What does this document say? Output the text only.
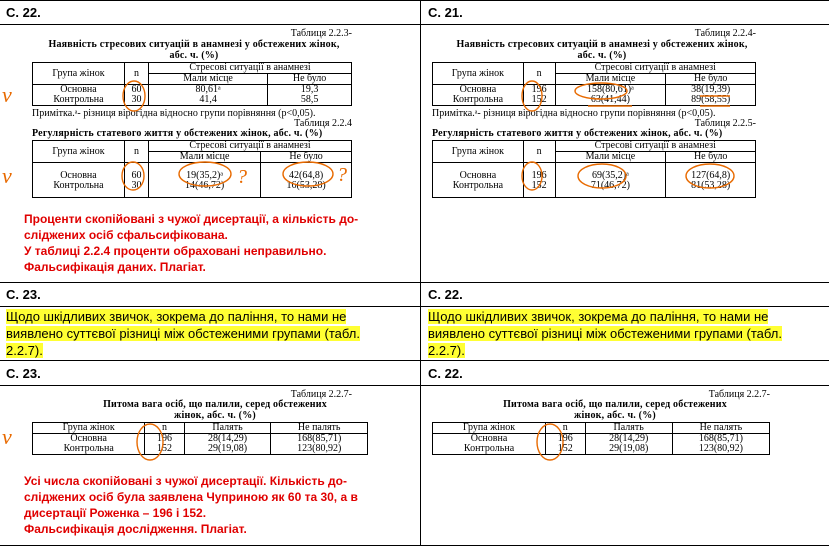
С. 22.	С. 21.
С. 23.	С. 22.
С. 23.	С. 22.
Таблиця 2.2.3-
Наявність стресових ситуацій в анамнезі у обстежених жінок, абс. ч. (%)
Група жінок	n	Стресові ситуації в анамнезі	
		Мали місце	Не було
Основна	60	80,61ᵃ	19,3
Контрольна	30	41,4	58,5
Примітка.ᵃ- різниця вірогідна відносно групи порівняння (р<0,05).
Таблиця 2.2.4
Регулярність статевого життя у обстежених жінок, абс. ч. (%)
Група жінок	n	Стресові ситуації в анамнезі	
		Мали місце	Не було
Основна	60	19(35,2)ᵃ	42(64,8)
Контрольна	30	14(46,72)	16(53,28)
Проценти скопійовані з чужої дисертації, а кількість до-
сліджених осіб сфальсифікована.
У таблиці 2.2.4 проценти обраховані неправильно.
Фальсифікація даних. Плагіат.
Таблиця 2.2.4-
Наявність стресових ситуацій в анамнезі у обстежених жінок, абс. ч. (%)
Група жінок	n	Стресові ситуації в анамнезі	
		Мали місце	Не було
Основна	196	158(80,61)ᵃ	38(19,39)
Контрольна	152	63(41,44)	89(58,55)
Примітка.ᵃ- різниця вірогідна відносно групи порівняння (р<0,05).
Таблиця 2.2.5-
Регулярність статевого життя у обстежених жінок, абс. ч. (%)
Група жінок	n	Стресові ситуації в анамнезі	
		Мали місце	Не було
Основна	196	69(35,2)ᵃ	127(64,8)
Контрольна	152	71(46,72)	81(53,28)
Щодо шкідливих звичок, зокрема до паління, то нами не
виявлено суттєвої різниці між обстеженими групами (табл.
2.2.7).
Щодо шкідливих звичок, зокрема до паління, то нами не
виявлено суттєвої різниці між обстеженими групами (табл.
2.2.7).
Таблиця 2.2.7-
Питома вага осіб, що палили, серед обстежених жінок, абс. ч. (%)
Група жінок	n	Палять	Не палять
Основна	196	28(14,29)	168(85,71)
Контрольна	152	29(19,08)	123(80,92)
Усі числа скопійовані з чужої дисертації. Кількість до-
сліджених осіб була заявлена Чуприною як 60 та 30, а в
дисертації Роженка – 196 і 152.
Фальсифікація дослідження. Плагіат.
Таблиця 2.2.7-
Питома вага осіб, що палили, серед обстежених жінок, абс. ч. (%)
Група жінок	n	Палять	Не палять
Основна	196	28(14,29)	168(85,71)
Контрольна	152	29(19,08)	123(80,92)
v
v
v
?	?
